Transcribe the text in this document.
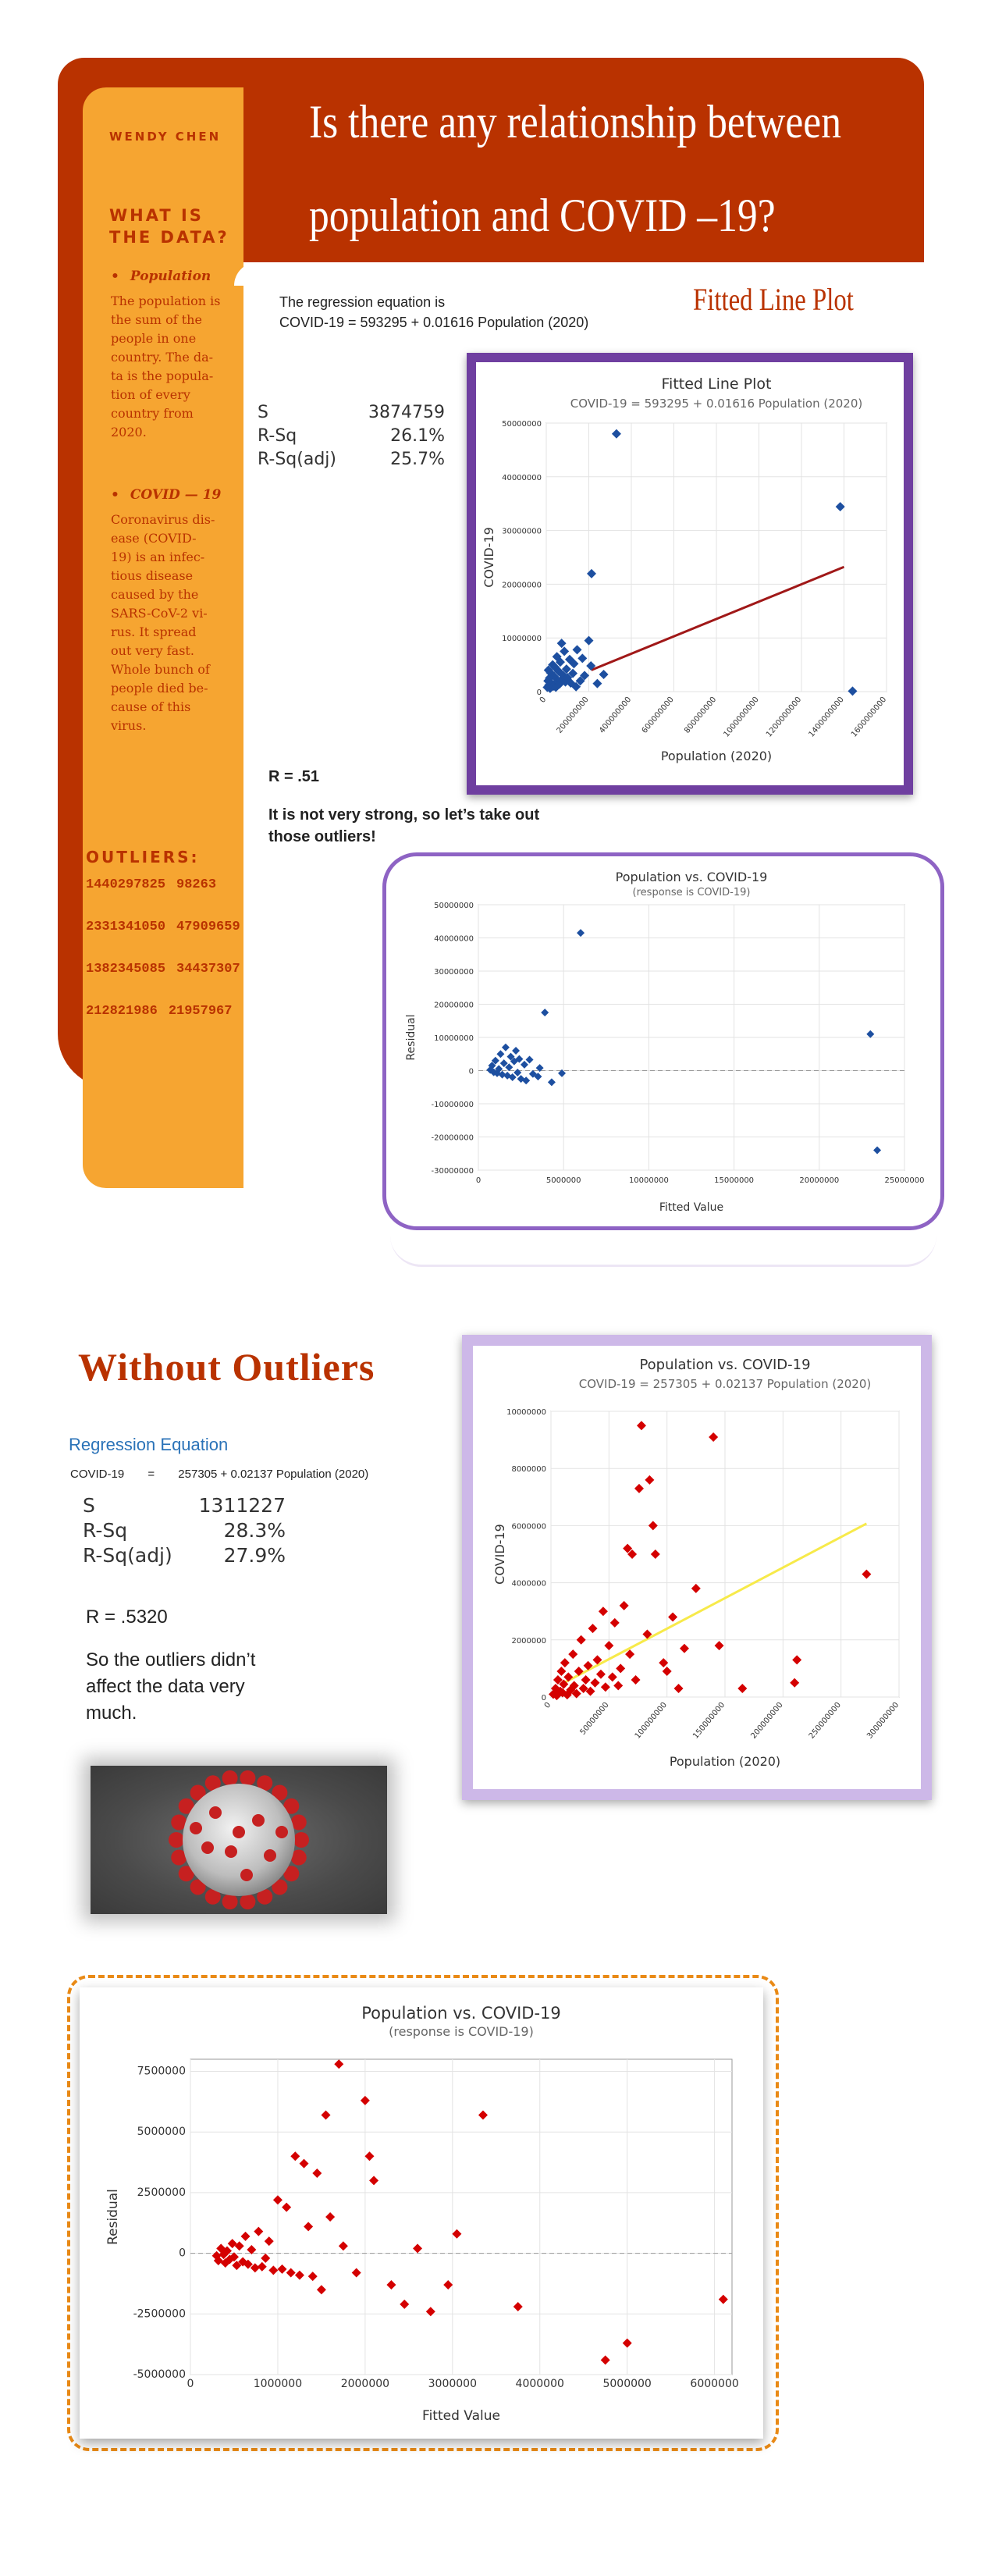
Is there any relationship between
population and COVID –19?
WENDY CHEN
WHAT IS
THE DATA?
• Population
The population is
the sum of the
people in one
country. The da-
ta is the popula-
tion of every
country from
2020.
• COVID — 19
Coronavirus dis-
ease (COVID-
19) is an infec-
tious disease
caused by the
SARS-CoV-2 vi-
rus. It spread
out very fast.
Whole bunch of
people died be-
cause of this
virus.
OUTLIERS:
1440297825 98263
2331341050 47909659
1382345085 34437307
212821986 21957967
Fitted Line Plot
The regression equation is
COVID-19 = 593295 + 0.01616 Population (2020)
S	3874759
R-Sq	26.1%
R-Sq(adj)	25.7%
R = .51
It is not very strong, so let’s take out
those outliers!
Fitted Line Plot
COVID-19 = 593295 + 0.01616 Population (2020)
0
10000000
20000000
30000000
40000000
50000000
0 200000000 400000000 600000000 800000000 1000000000 1200000000 1400000000 1600000000
Population (2020)
COVID-19
Population vs. COVID-19
(response is COVID-19)
-30000000
-20000000
-10000000
0
10000000
20000000
30000000
40000000
50000000
0	5000000	10000000	15000000	20000000	25000000
Fitted Value
Residual
Without Outliers
Regression Equation
COVID-19 = 257305 + 0.02137 Population (2020)
S	1311227
R-Sq	28.3%
R-Sq(adj)	27.9%
R = .5320
So the outliers didn’t
affect the data very
much.
Population vs. COVID-19
COVID-19 = 257305 + 0.02137 Population (2020)
0
2000000
4000000
6000000
8000000
10000000
0	50000000	100000000	150000000	200000000	250000000	300000000
Population (2020)
COVID-19
Population vs. COVID-19
(response is COVID-19)
-5000000
-2500000
0
2500000
5000000
7500000
0	1000000	2000000	3000000	4000000	5000000	6000000
Fitted Value
Residual
